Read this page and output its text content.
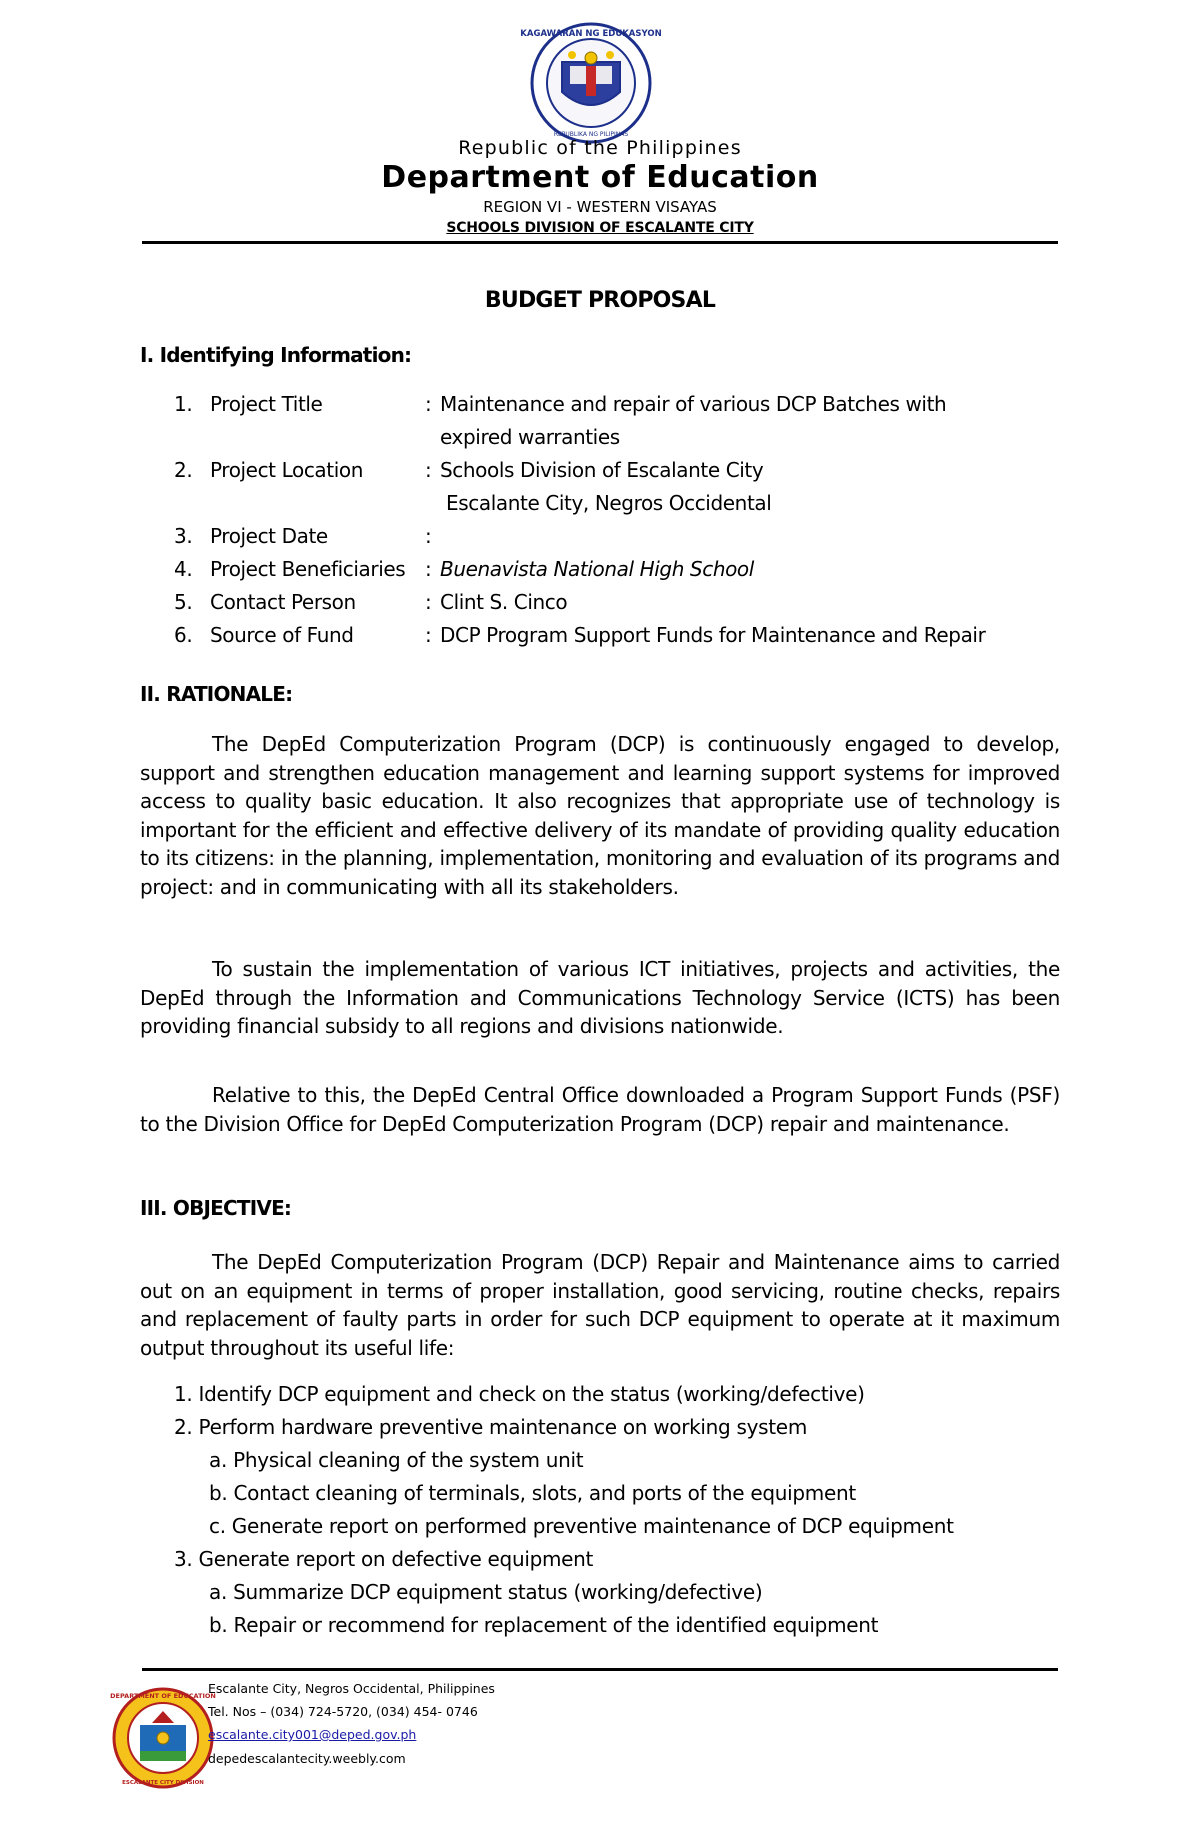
KAGAWARAN NG EDUKASYON
REPUBLIKA NG PILIPINAS
Republic of the Philippines
Department of Education
REGION VI - WESTERN VISAYAS
SCHOOLS DIVISION OF ESCALANTE CITY
BUDGET PROPOSAL
I. Identifying Information:
1. Project Title	: Maintenance and repair of various DCP Batches with
expired warranties
2. Project Location	: Schools Division of Escalante City
Escalante City, Negros Occidental
3. Project Date	:
4. Project Beneficiaries : Buenavista National High School
5. Contact Person	: Clint S. Cinco
6. Source of Fund	: DCP Program Support Funds for Maintenance and Repair
II. RATIONALE:
The DepEd Computerization Program (DCP) is continuously engaged to develop, support and strengthen education management and learning support systems for improved access to quality basic education. It also recognizes that appropriate use of technology is important for the efficient and effective delivery of its mandate of providing quality education to its citizens: in the planning, implementation, monitoring and evaluation of its programs and project: and in communicating with all its stakeholders.
To sustain the implementation of various ICT initiatives, projects and activities, the DepEd through the Information and Communications Technology Service (ICTS) has been providing financial subsidy to all regions and divisions nationwide.
Relative to this, the DepEd Central Office downloaded a Program Support Funds (PSF) to the Division Office for DepEd Computerization Program (DCP) repair and maintenance.
III. OBJECTIVE:
The DepEd Computerization Program (DCP) Repair and Maintenance aims to carried out on an equipment in terms of proper installation, good servicing, routine checks, repairs and replacement of faulty parts in order for such DCP equipment to operate at it maximum output throughout its useful life:
1. Identify DCP equipment and check on the status (working/defective)
2. Perform hardware preventive maintenance on working system
a. Physical cleaning of the system unit
b. Contact cleaning of terminals, slots, and ports of the equipment
c. Generate report on performed preventive maintenance of DCP equipment
3. Generate report on defective equipment
a. Summarize DCP equipment status (working/defective)
b. Repair or recommend for replacement of the identified equipment
DEPARTMENT OF EDUCATION
ESCALANTE CITY DIVISION
Escalante City, Negros Occidental, Philippines
Tel. Nos – (034) 724-5720, (034) 454- 0746
escalante.city001@deped.gov.ph
depedescalantecity.weebly.com
